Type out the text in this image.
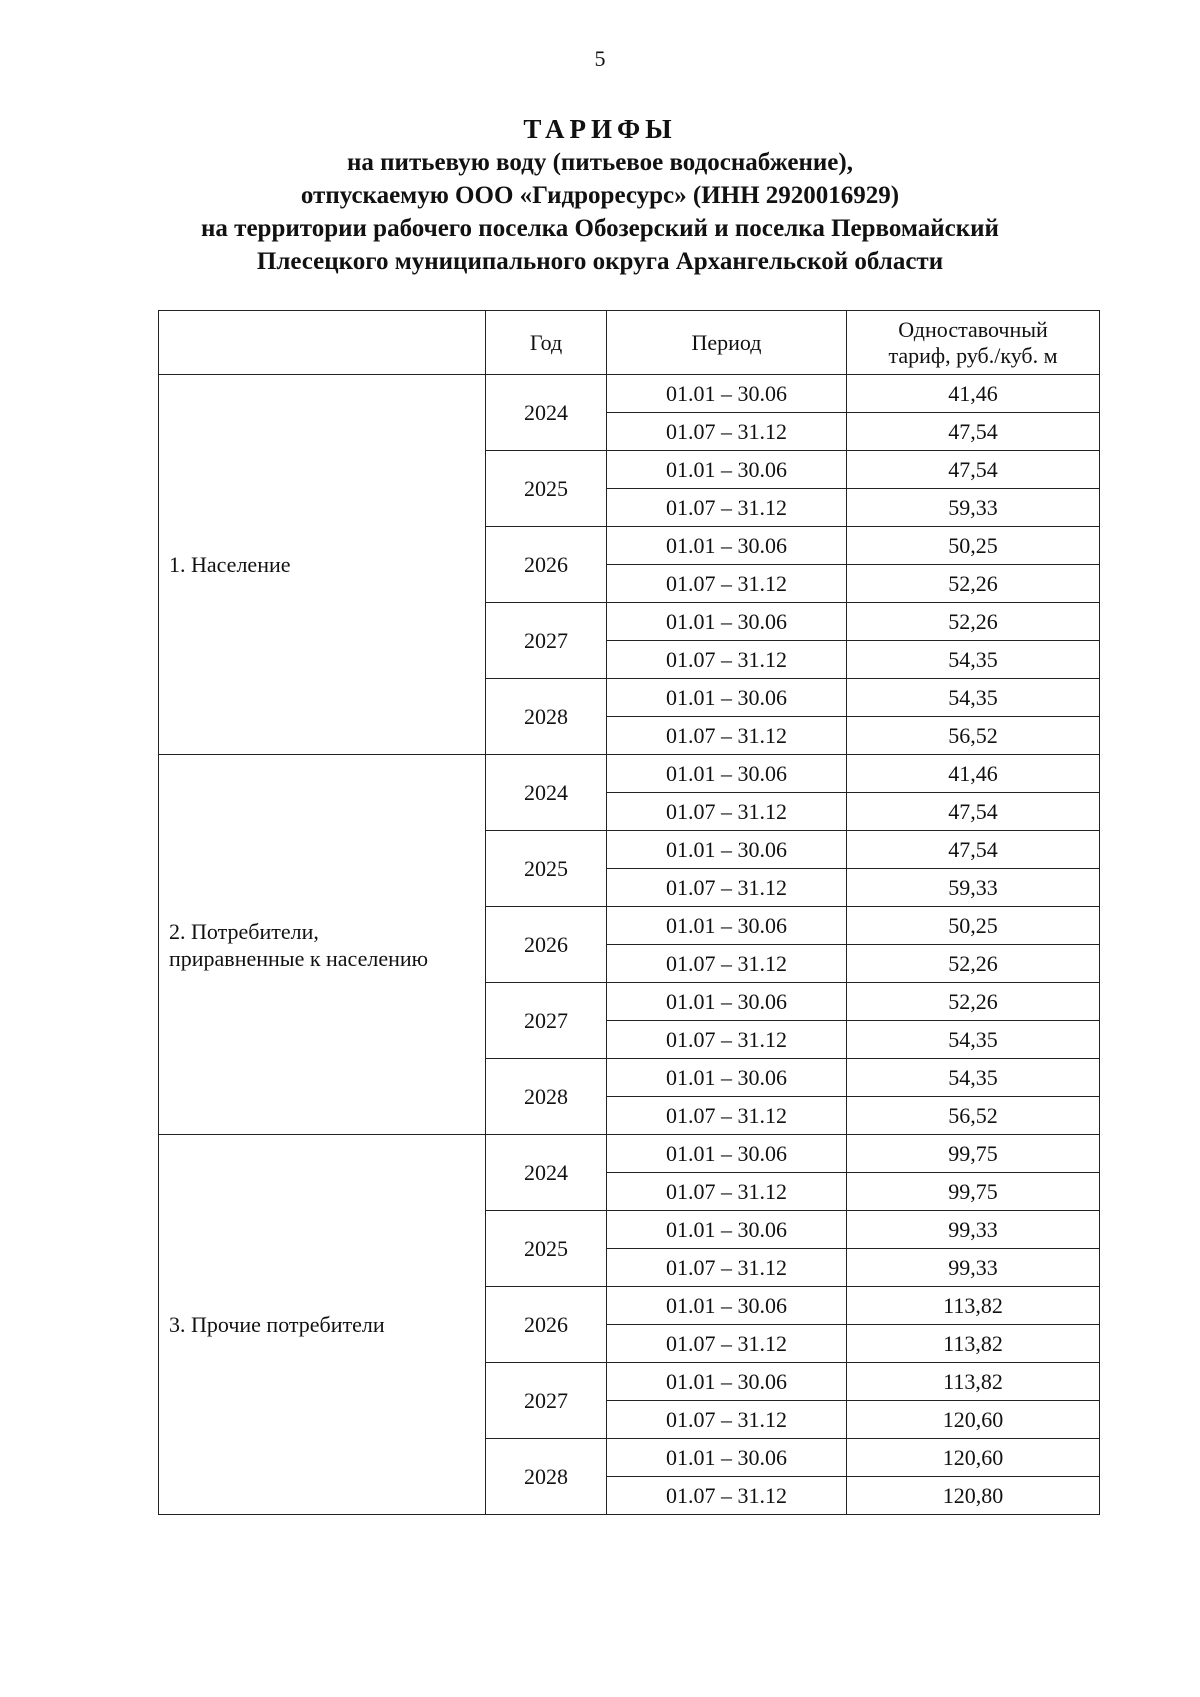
5
ТАРИФЫ
на питьевую воду (питьевое водоснабжение),
отпускаемую ООО «Гидроресурс» (ИНН 2920016929)
на территории рабочего поселка Обозерский и поселка Первомайский
Плесецкого муниципального округа Архангельской области
	Год	Период	Одноставочный
тариф, руб./куб. м

1. Население	2024	01.01 – 30.06	41,46
		01.07 – 31.12	47,54
	2025	01.01 – 30.06	47,54
		01.07 – 31.12	59,33
	2026	01.01 – 30.06	50,25
		01.07 – 31.12	52,26
	2027	01.01 – 30.06	52,26
		01.07 – 31.12	54,35
	2028	01.01 – 30.06	54,35
		01.07 – 31.12	56,52

2. Потребители,
приравненные к населению	2024	01.01 – 30.06	41,46
		01.07 – 31.12	47,54
	2025	01.01 – 30.06	47,54
		01.07 – 31.12	59,33
	2026	01.01 – 30.06	50,25
		01.07 – 31.12	52,26
	2027	01.01 – 30.06	52,26
		01.07 – 31.12	54,35
	2028	01.01 – 30.06	54,35
		01.07 – 31.12	56,52

3. Прочие потребители	2024	01.01 – 30.06	99,75
		01.07 – 31.12	99,75
	2025	01.01 – 30.06	99,33
		01.07 – 31.12	99,33
	2026	01.01 – 30.06	113,82
		01.07 – 31.12	113,82
	2027	01.01 – 30.06	113,82
		01.07 – 31.12	120,60
	2028	01.01 – 30.06	120,60
		01.07 – 31.12	120,80
